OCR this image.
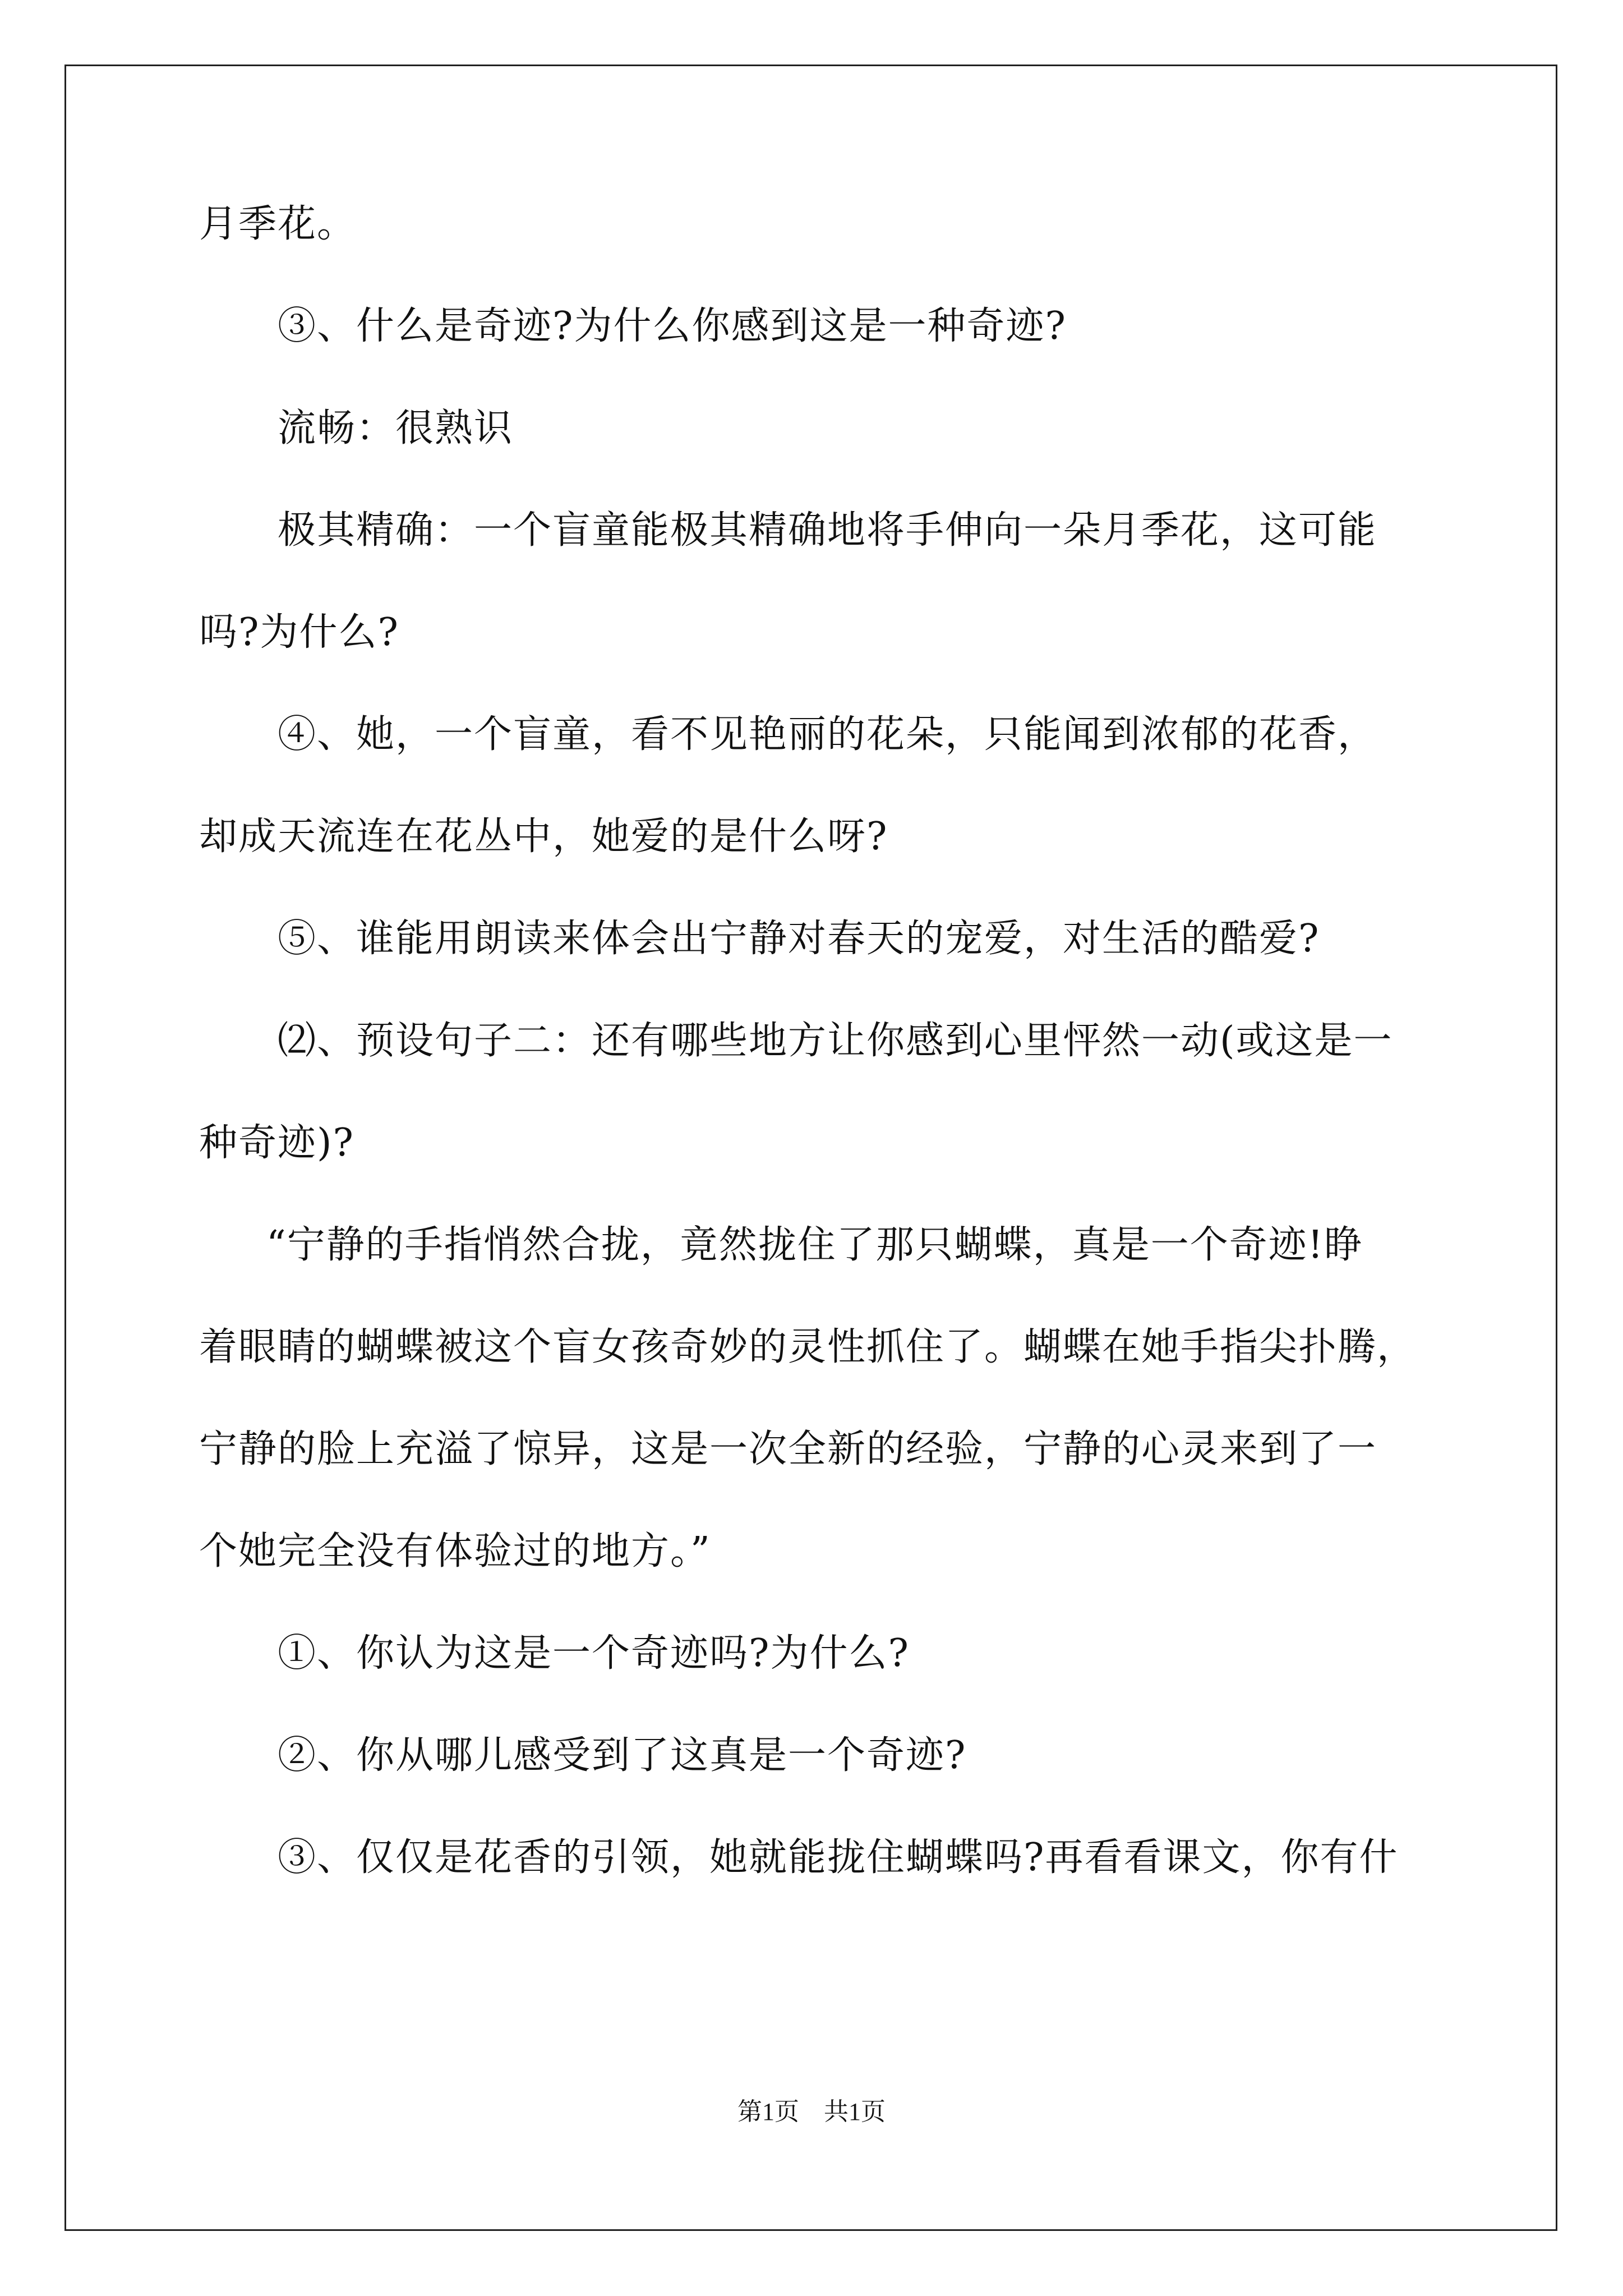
月季花。
③、什么是奇迹?为什么你感到这是一种奇迹?
流畅：很熟识
极其精确：一个盲童能极其精确地将手伸向一朵月季花，这可能
吗?为什么?
④、她，一个盲童，看不见艳丽的花朵，只能闻到浓郁的花香，
却成天流连在花丛中，她爱的是什么呀?
⑤、谁能用朗读来体会出宁静对春天的宠爱，对生活的酷爱?
⑵、预设句子二：还有哪些地方让你感到心里怦然一动(或这是一
种奇迹)?
“宁静的手指悄然合拢，竟然拢住了那只蝴蝶，真是一个奇迹!睁
着眼睛的蝴蝶被这个盲女孩奇妙的灵性抓住了。蝴蝶在她手指尖扑腾，
宁静的脸上充溢了惊异，这是一次全新的经验，宁静的心灵来到了一
个她完全没有体验过的地方。”
①、你认为这是一个奇迹吗?为什么?
②、你从哪儿感受到了这真是一个奇迹?
③、仅仅是花香的引领，她就能拢住蝴蝶吗?再看看课文，你有什
第1页　共1页
